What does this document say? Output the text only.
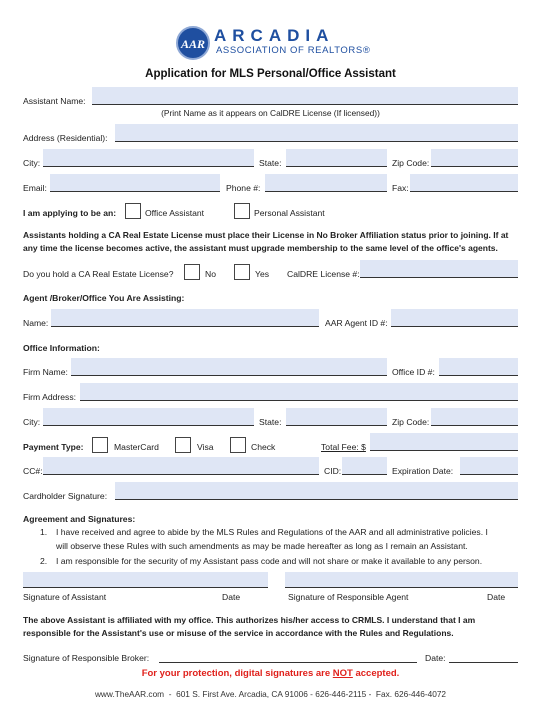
AAR ARCADIA
ASSOCIATION OF REALTORS®
Application for MLS Personal/Office Assistant
Assistant Name:
(Print Name as it appears on CalDRE License (If licensed))
Address (Residential):
City:	State:	Zip Code:
Email:	Phone #:	Fax:
I am applying to be an:	Office Assistant	Personal Assistant
Assistants holding a CA Real Estate License must place their License in No Broker Affiliation status prior to joining. If at any time the license becomes active, the assistant must upgrade membership to the same level of the office's agents.
Do you hold a CA Real Estate License?	No	Yes CalDRE License #:
Agent /Broker/Office You Are Assisting:
Name:	AAR Agent ID #:
Office Information:
Firm Name:	Office ID #:
Firm Address:
City:	State:	Zip Code:
Payment Type:	MasterCard	Visa	Check	Total Fee: $
CC#:	CID:	Expiration Date:
Cardholder Signature:
Agreement and Signatures:
1. I have received and agree to abide by the MLS Rules and Regulations of the AAR and all administrative policies. I
will observe these Rules with such amendments as may be made hereafter as long as I remain an Assistant.
2. I am responsible for the security of my Assistant pass code and will not share or make it available to any person.
Signature of Assistant	Date	Signature of Responsible Agent	Date
The above Assistant is affiliated with my office. This authorizes his/her access to CRMLS. I understand that I am responsible for the Assistant's use or misuse of the service in accordance with the Rules and Regulations.
Signature of Responsible Broker:	Date:
For your protection, digital signatures are NOT accepted.
www.TheAAR.com  -  601 S. First Ave. Arcadia, CA 91006 - 626-446-2115 -  Fax. 626-446-4072
